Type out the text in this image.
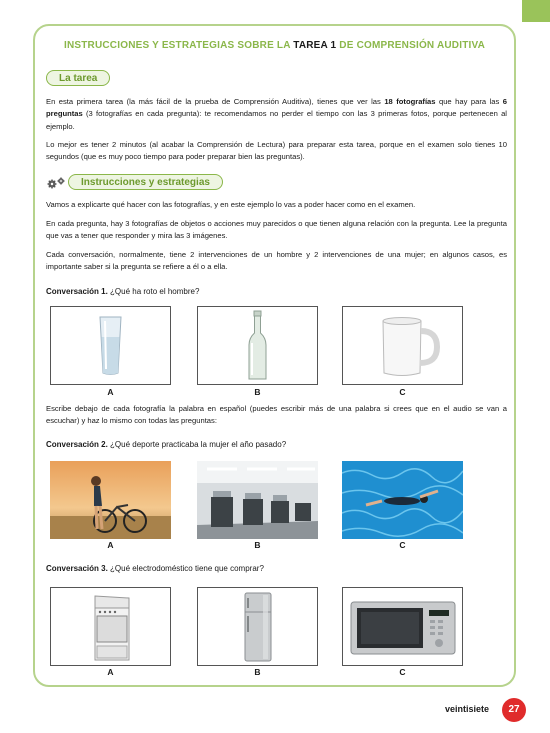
INSTRUCCIONES Y ESTRATEGIAS SOBRE LA TAREA 1 DE COMPRENSIÓN AUDITIVA
La tarea
En esta primera tarea (la más fácil de la prueba de Comprensión Auditiva), tienes que ver las 18 fotografías que hay para las 6 preguntas (3 fotografías en cada pregunta): te recomendamos no perder el tiempo con las 3 primeras fotos, porque pertenecen al ejemplo.
Lo mejor es tener 2 minutos (al acabar la Comprensión de Lectura) para preparar esta tarea, porque en el examen solo tienes 10 segundos (que es muy poco tiempo para poder preparar bien las preguntas).
Instrucciones y estrategias
Vamos a explicarte qué hacer con las fotografías, y en este ejemplo lo vas a poder hacer como en el examen.
En cada pregunta, hay 3 fotografías de objetos o acciones muy parecidos o que tienen alguna relación con la pregunta. Lee la pregunta que vas a tener que responder y mira las 3 imágenes.
Cada conversación, normalmente, tiene 2 intervenciones de un hombre y 2 intervenciones de una mujer; en algunos casos, es importante saber si la pregunta se refiere a él o a ella.
Conversación 1. ¿Qué ha roto el hombre?
A	B	C
Escribe debajo de cada fotografía la palabra en español (puedes escribir más de una palabra si crees que en el audio se van a escuchar) y haz lo mismo con todas las preguntas:
Conversación 2. ¿Qué deporte practicaba la mujer el año pasado?
A	B	C
Conversación 3. ¿Qué electrodoméstico tiene que comprar?
A	B	C
veintisiete	27
